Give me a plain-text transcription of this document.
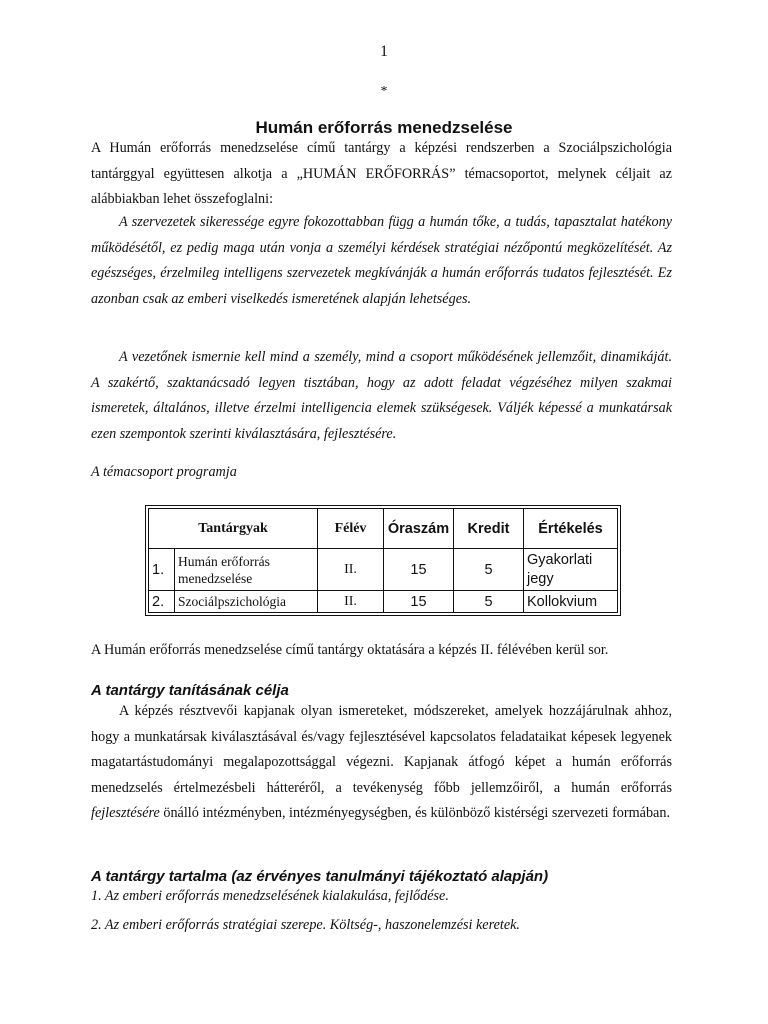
1
*
Humán erőforrás menedzselése

A Humán erőforrás menedzselése című tantárgy a képzési rendszerben a Szociálpszichológia tantárggyal együttesen alkotja a „HUMÁN ERŐFORRÁS” témacsoportot, melynek céljait az alábbiakban lehet összefoglalni:

A szervezetek sikeressége egyre fokozottabban függ a humán tőke, a tudás, tapasztalat hatékony működésétől, ez pedig maga után vonja a személyi kérdések stratégiai nézőpontú megközelítését. Az egészséges, érzelmileg intelligens szervezetek megkívánják a humán erőforrás tudatos fejlesztését. Ez azonban csak az emberi viselkedés ismeretének alapján lehetséges.

A vezetőnek ismernie kell mind a személy, mind a csoport működésének jellemzőit, dinamikáját. A szakértő, szaktanácsadó legyen tisztában, hogy az adott feladat végzéséhez milyen szakmai ismeretek, általános, illetve érzelmi intelligencia elemek szükségesek. Váljék képessé a munkatársak ezen szempontok szerinti kiválasztására, fejlesztésére.

A témacsoport programja

Tantárgyak		Félév	Óraszám	Kredit	Értékelés
1.	Humán erőforrás menedzselése	II.	15	5	Gyakorlati jegy
2.	Szociálpszichológia	II.	15	5	Kollokvium

A Humán erőforrás menedzselése című tantárgy oktatására a képzés II. félévében kerül sor.

A tantárgy tanításának célja

A képzés résztvevői kapjanak olyan ismereteket, módszereket, amelyek hozzájárulnak ahhoz, hogy a munkatársak kiválasztásával és/vagy fejlesztésével kapcsolatos feladataikat képesek legyenek magatartástudományi megalapozottsággal végezni. Kapjanak átfogó képet a humán erőforrás menedzselés értelmezésbeli hátteréről, a tevékenység főbb jellemzőiről, a humán erőforrás fejlesztésére önálló intézményben, intézményegységben, és különböző kistérségi szervezeti formában.

A tantárgy tartalma (az érvényes tanulmányi tájékoztató alapján)
1. Az emberi erőforrás menedzselésének kialakulása, fejlődése.
2. Az emberi erőforrás stratégiai szerepe. Költség-, haszonelemzési keretek.
